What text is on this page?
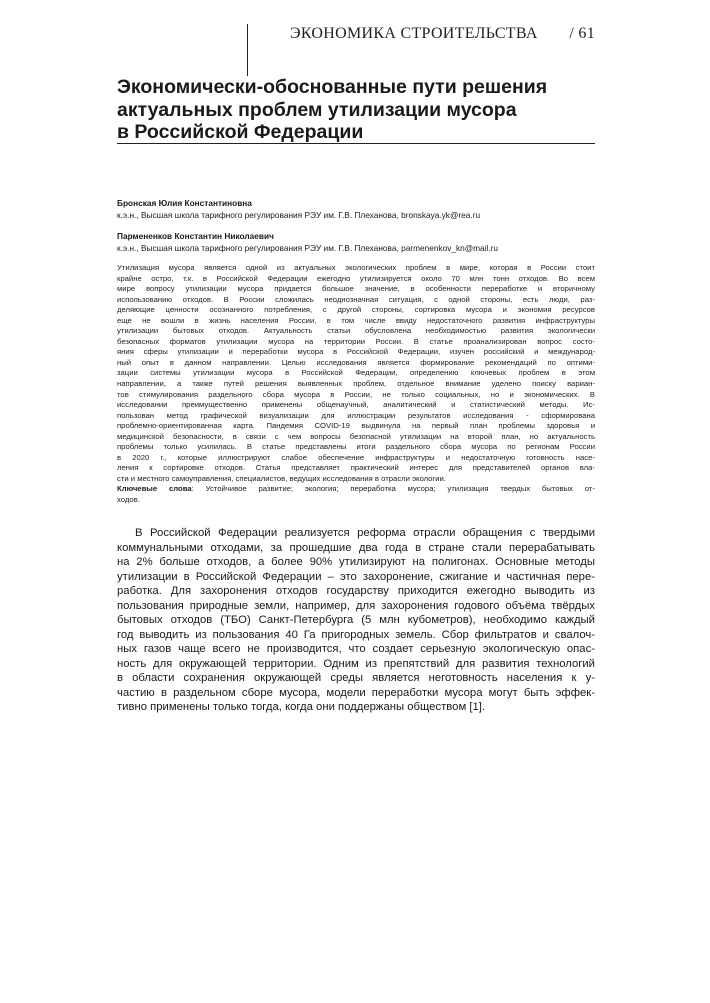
ЭКОНОМИКА СТРОИТЕЛЬСТВА / 61
Экономически-обоснованные пути решения
актуальных проблем утилизации мусора
в Российской Федерации
Бронская Юлия Константиновна
к.э.н., Высшая школа тарифного регулирования РЭУ им. Г.В. Плеханова, bronskaya.yk@rea.ru
Пармененков Константин Николаевич
к.э.н., Высшая школа тарифного регулирования РЭУ им. Г.В. Плеханова, parmenenkov_kn@mail.ru
Утилизация мусора является одной из актуальных экологических проблем в мире, которая в России стоит
крайне остро, т.к. в Российской Федерации ежегодно утилизируется около 70 млн тонн отходов. Во всем
мире вопросу утилизации мусора придается большое значение, в особенности переработке и вторичному
использованию отходов. В России сложилась неоднозначная ситуация, с одной стороны, есть люди, раз-
деляющие ценности осознанного потребления, с другой стороны, сортировка мусора и экономия ресурсов
еще не вошли в жизнь населения России, в том числе ввиду недостаточного развития инфраструктуры
утилизации бытовых отходов. Актуальность статьи обусловлена необходимостью развития экологически
безопасных форматов утилизации мусора на территории России. В статье проанализирован вопрос состо-
яния сферы утилизации и переработки мусора в Российской Федерации, изучен российский и международ-
ный опыт в данном направлении. Целью исследования является формирование рекомендаций по оптими-
зации системы утилизации мусора в Российской Федерации, определению ключевых проблем в этом
направлении, а также путей решения выявленных проблем, отдельное внимание уделено поиску вариан-
тов стимулирования раздельного сбора мусора в России, не только социальных, но и экономических. В
исследовании преимущественно применены общенаучный, аналитический и статистический методы. Ис-
пользован метод графической визуализации для иллюстрации результатов исследования - сформирована
проблемно-ориентированная карта. Пандемия COVID-19 выдвинула на первый план проблемы здоровья и
медицинской безопасности, в связи с чем вопросы безопасной утилизации на второй план, но актуальность
проблемы только усилилась. В статье представлены итоги раздельного сбора мусора по регионам России
в 2020 г., которые иллюстрируют слабое обеспечение инфраструктуры и недостаточную готовность насе-
ления к сортировке отходов. Статья представляет практический интерес для представителей органов вла-
сти и местного самоуправления, специалистов, ведущих исследования в отрасли экологии.
Ключевые слова: Устойчивое развитие; экология; переработка мусора; утилизация твердых бытовых от-
ходов.
В Российской Федерации реализуется реформа отрасли обращения с твердыми
коммунальными отходами, за прошедшие два года в стране стали перерабатывать
на 2% больше отходов, а более 90% утилизируют на полигонах. Основные методы
утилизации в Российской Федерации – это захоронение, сжигание и частичная пере-
работка. Для захоронения отходов государству приходится ежегодно выводить из
пользования природные земли, например, для захоронения годового объёма твёрдых
бытовых отходов (ТБО) Санкт-Петербурга (5 млн кубометров), необходимо каждый
год выводить из пользования 40 Га пригородных земель. Сбор фильтратов и свалоч-
ных газов чаще всего не производится, что создает серьезную экологическую опас-
ность для окружающей территории. Одним из препятствий для развития технологий
в области сохранения окружающей среды является неготовность населения к у-
частию в раздельном сборе мусора, модели переработки мусора могут быть эффек-
тивно применены только тогда, когда они поддержаны обществом [1].
